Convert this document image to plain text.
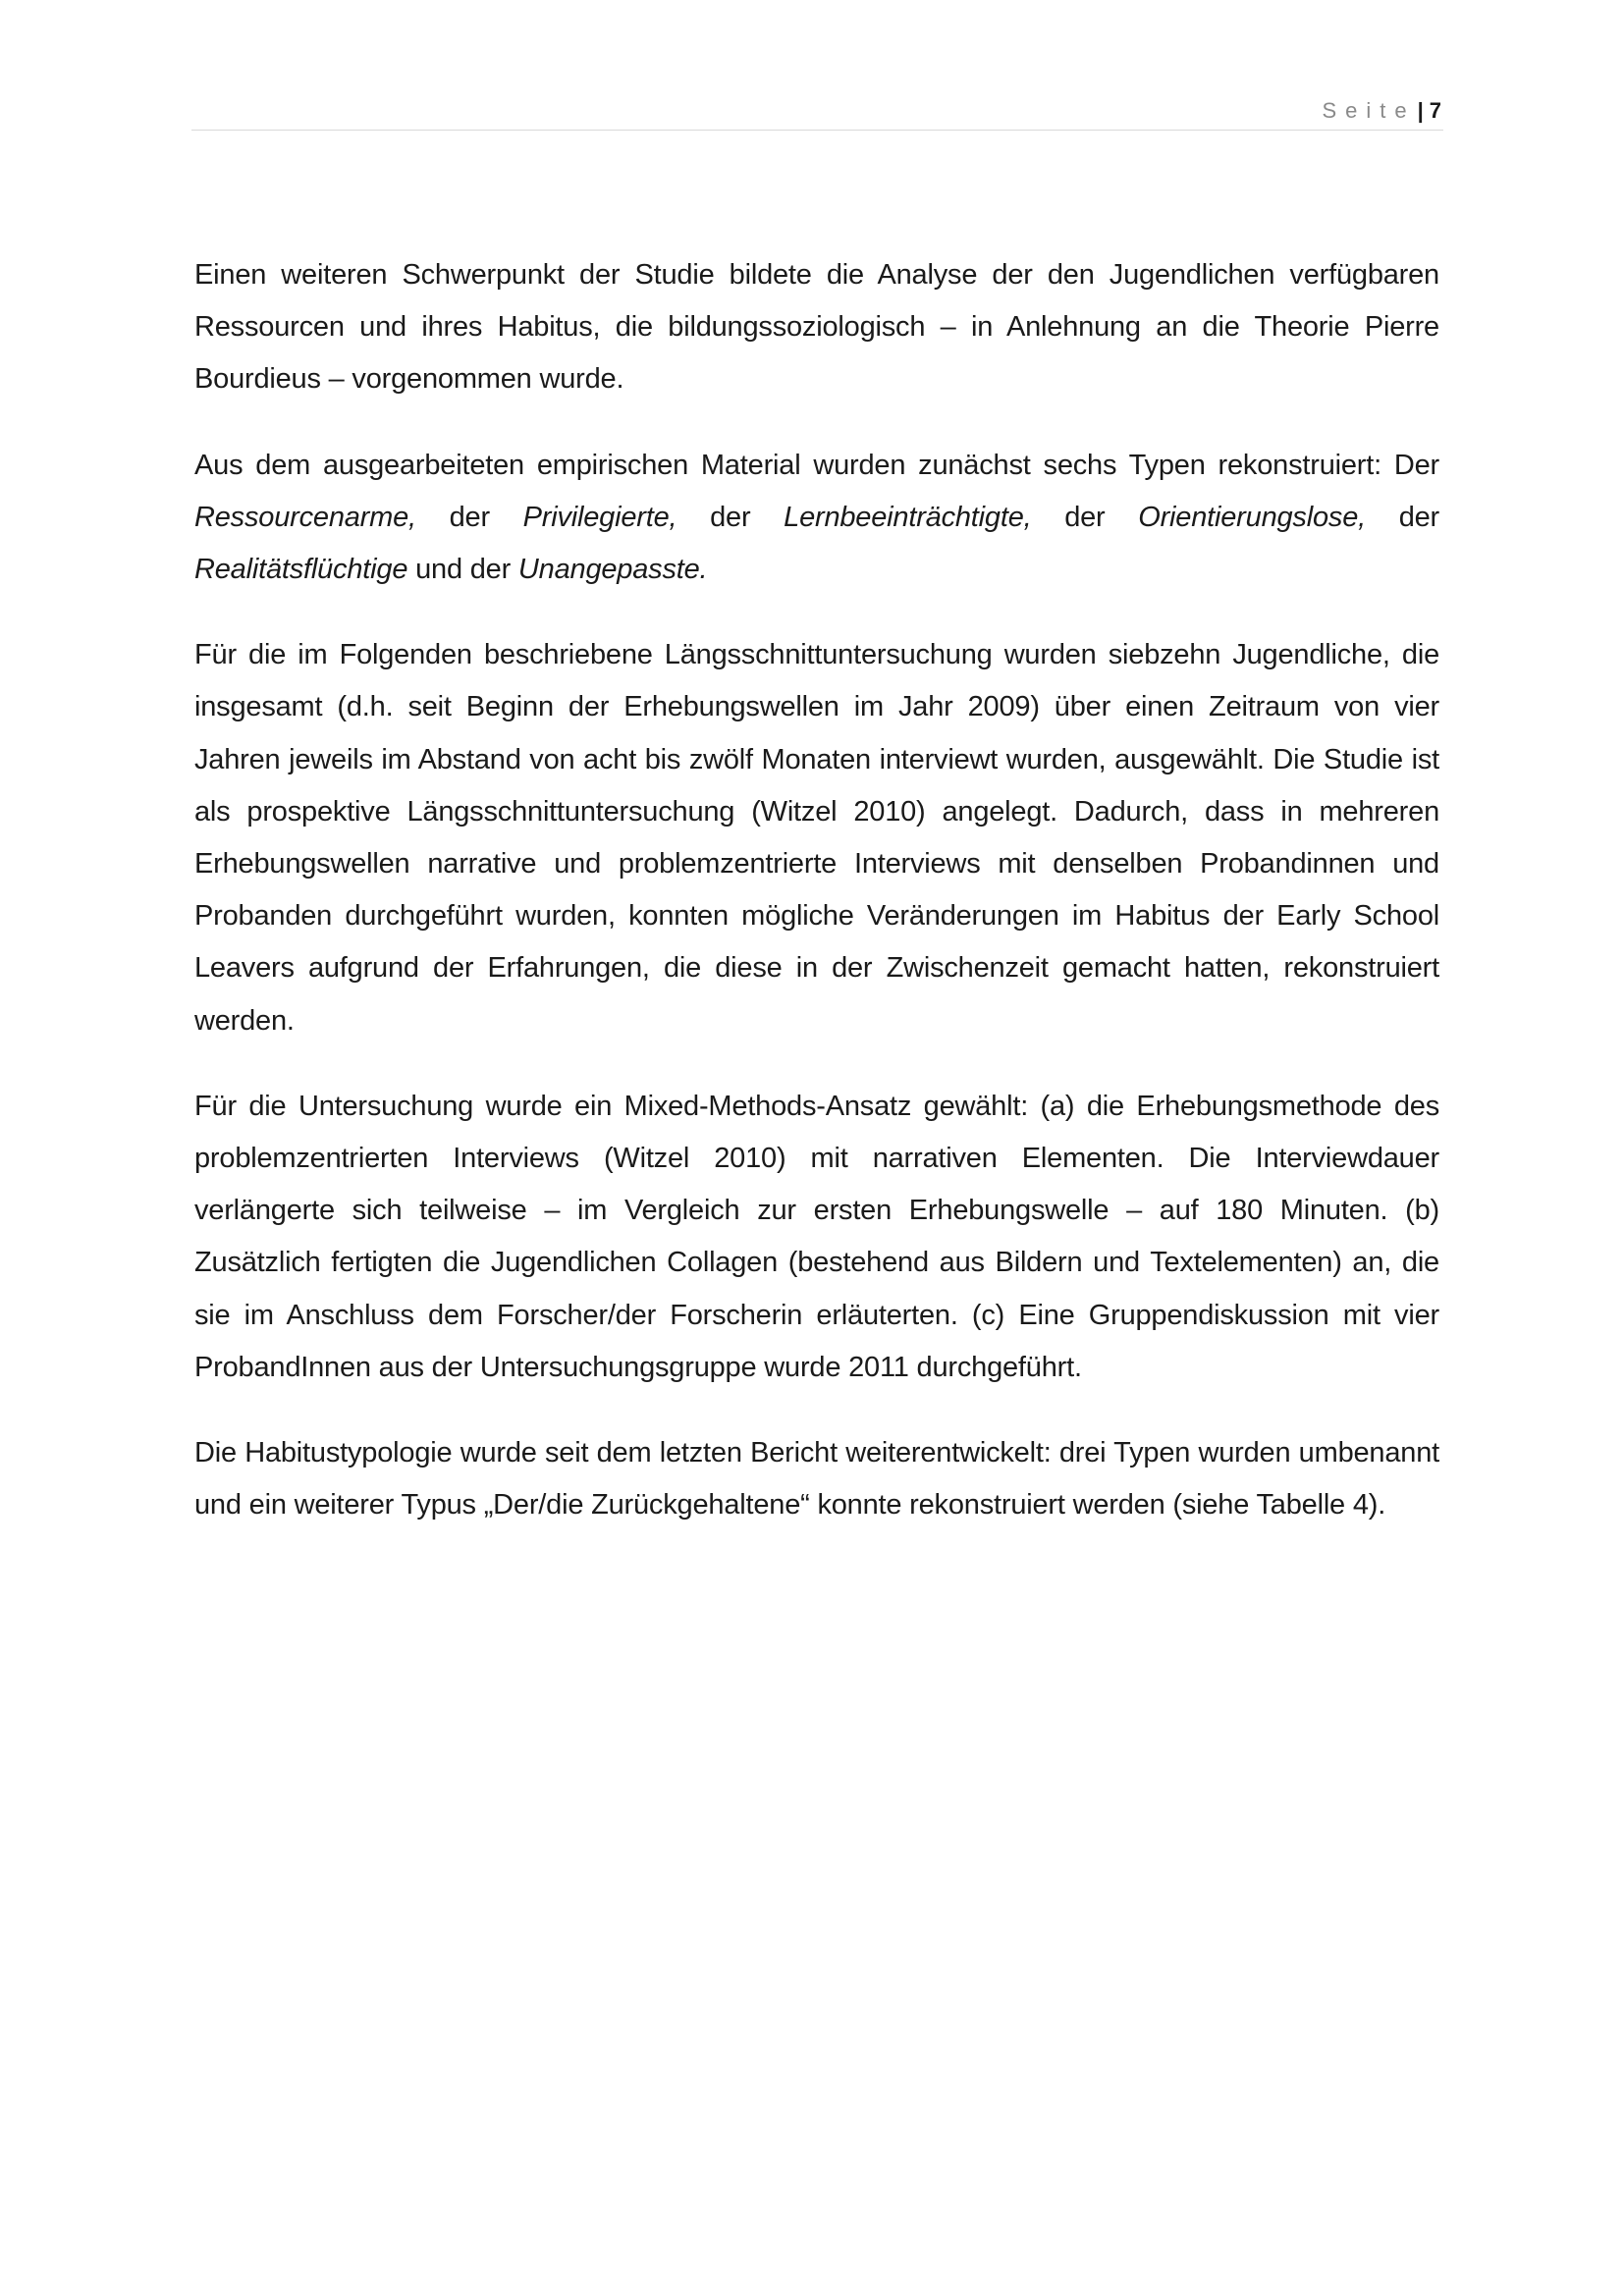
Seite| 7

Einen weiteren Schwerpunkt der Studie bildete die Analyse der den Jugendlichen verfügbaren Ressourcen und ihres Habitus, die bildungssoziologisch – in Anlehnung an die Theorie Pierre Bourdieus – vorgenommen wurde.

Aus dem ausgearbeiteten empirischen Material wurden zunächst sechs Typen rekonstruiert: Der Ressourcenarme, der Privilegierte, der Lernbeeinträchtigte, der Orientierungslose, der Realitätsflüchtige und der Unangepasste.

Für die im Folgenden beschriebene Längsschnittuntersuchung wurden siebzehn Jugendliche, die insgesamt (d.h. seit Beginn der Erhebungswellen im Jahr 2009) über einen Zeitraum von vier Jahren jeweils im Abstand von acht bis zwölf Monaten interviewt wurden, ausgewählt. Die Studie ist als prospektive Längsschnittuntersuchung (Witzel 2010) angelegt. Dadurch, dass in mehreren Erhebungswellen narrative und problemzentrierte Interviews mit denselben Probandinnen und Probanden durchgeführt wurden, konnten mögliche Veränderungen im Habitus der Early School Leavers aufgrund der Erfahrungen, die diese in der Zwischenzeit gemacht hatten, rekonstruiert werden.

Für die Untersuchung wurde ein Mixed-Methods-Ansatz gewählt: (a) die Erhebungsmethode des problemzentrierten Interviews (Witzel 2010) mit narrativen Elementen. Die Interviewdauer verlängerte sich teilweise – im Vergleich zur ersten Erhebungswelle – auf 180 Minuten. (b) Zusätzlich fertigten die Jugendlichen Collagen (bestehend aus Bildern und Textelementen) an, die sie im Anschluss dem Forscher/der Forscherin erläuterten. (c) Eine Gruppendiskussion mit vier ProbandInnen aus der Untersuchungsgruppe wurde 2011 durchgeführt.

Die Habitustypologie wurde seit dem letzten Bericht weiterentwickelt: drei Typen wurden umbenannt und ein weiterer Typus „Der/die Zurückgehaltene“ konnte rekonstruiert werden (siehe Tabelle 4).
